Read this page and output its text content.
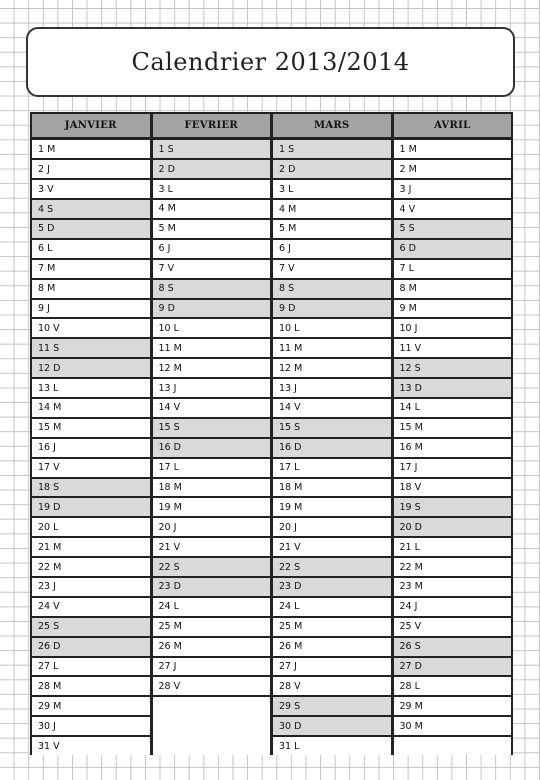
Calendrier 2013/2014
JANVIER
1 M
2 J
3 V
4 S
5 D
6 L
7 M
8 M
9 J
10 V
11 S
12 D
13 L
14 M
15 M
16 J
17 V
18 S
19 D
20 L
21 M
22 M
23 J
24 V
25 S
26 D
27 L
28 M
29 M
30 J
31 V
FEVRIER
1 S
2 D
3 L
4 M
5 M
6 J
7 V
8 S
9 D
10 L
11 M
12 M
13 J
14 V
15 S
16 D
17 L
18 M
19 M
20 J
21 V
22 S
23 D
24 L
25 M
26 M
27 J
28 V
MARS
1 S
2 D
3 L
4 M
5 M
6 J
7 V
8 S
9 D
10 L
11 M
12 M
13 J
14 V
15 S
16 D
17 L
18 M
19 M
20 J
21 V
22 S
23 D
24 L
25 M
26 M
27 J
28 V
29 S
30 D
31 L
AVRIL
1 M
2 M
3 J
4 V
5 S
6 D
7 L
8 M
9 M
10 J
11 V
12 S
13 D
14 L
15 M
16 M
17 J
18 V
19 S
20 D
21 L
22 M
23 M
24 J
25 V
26 S
27 D
28 L
29 M
30 M
